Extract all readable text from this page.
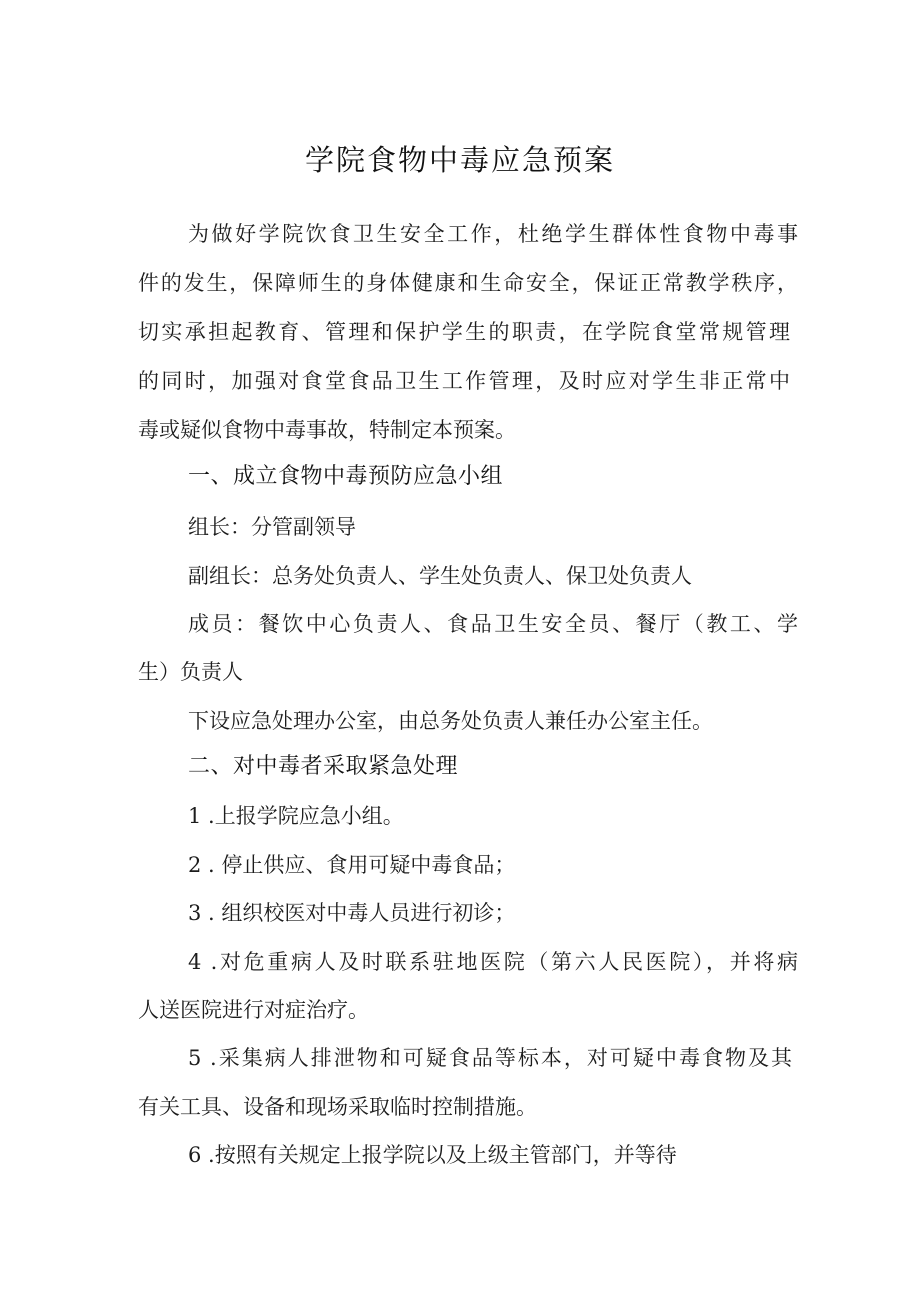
学院食物中毒应急预案
为做好学院饮食卫生安全工作，杜绝学生群体性食物中毒事
件的发生，保障师生的身体健康和生命安全，保证正常教学秩序，
切实承担起教育、管理和保护学生的职责，在学院食堂常规管理
的同时，加强对食堂食品卫生工作管理，及时应对学生非正常中
毒或疑似食物中毒事故，特制定本预案。
一、成立食物中毒预防应急小组
组长：分管副领导
副组长：总务处负责人、学生处负责人、保卫处负责人
成员：餐饮中心负责人、食品卫生安全员、餐厅（教工、学
生）负责人
下设应急处理办公室，由总务处负责人兼任办公室主任。
二、对中毒者采取紧急处理
1 .上报学院应急小组。
2 . 停止供应、食用可疑中毒食品；
3 . 组织校医对中毒人员进行初诊；
4 .对危重病人及时联系驻地医院（第六人民医院），并将病
人送医院进行对症治疗。
5 .采集病人排泄物和可疑食品等标本，对可疑中毒食物及其
有关工具、设备和现场采取临时控制措施。
6 .按照有关规定上报学院以及上级主管部门，并等待
